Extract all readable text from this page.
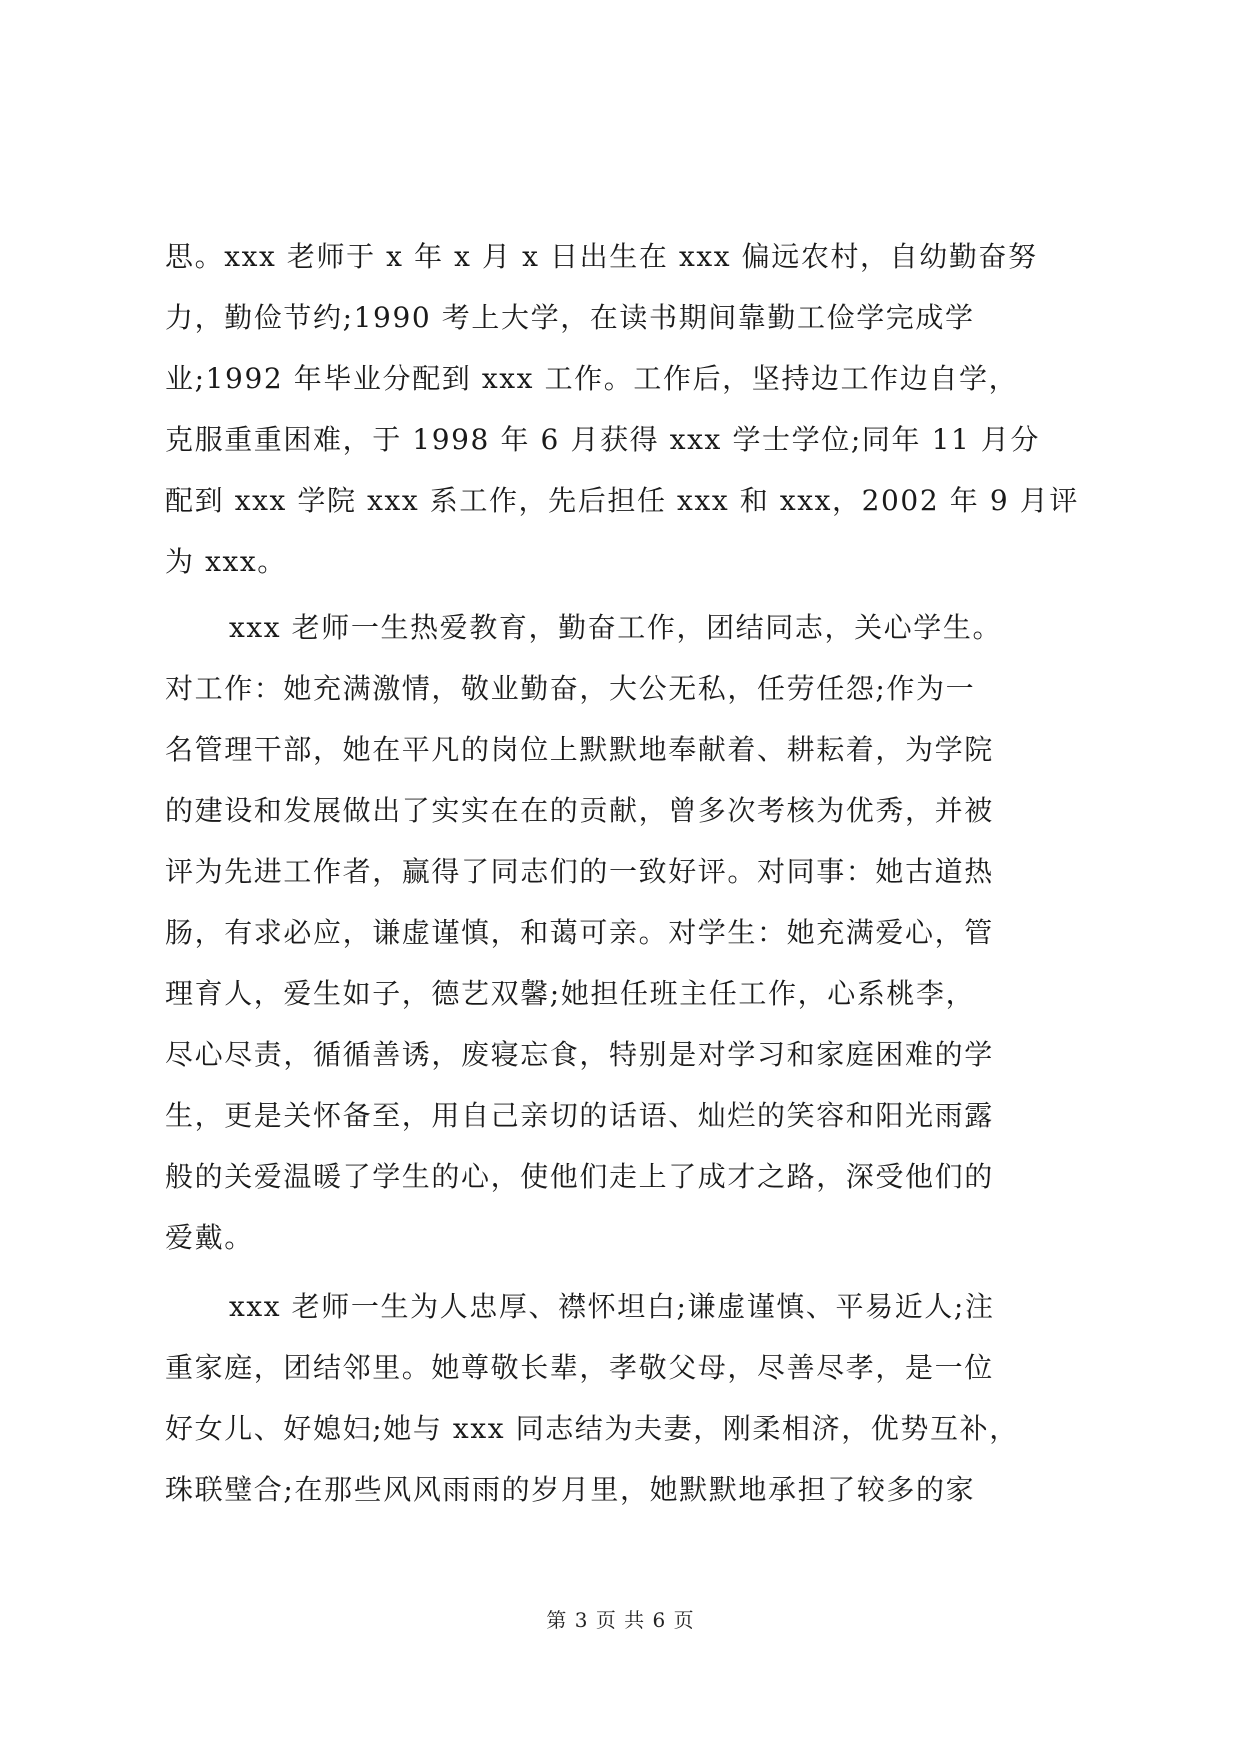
思。xxx 老师于 x 年 x 月 x 日出生在 xxx 偏远农村，自幼勤奋努
力，勤俭节约;1990 考上大学，在读书期间靠勤工俭学完成学
业;1992 年毕业分配到 xxx 工作。工作后，坚持边工作边自学，
克服重重困难，于 1998 年 6 月获得 xxx 学士学位;同年 11 月分
配到 xxx 学院 xxx 系工作，先后担任 xxx 和 xxx，2002 年 9 月评
为 xxx。
xxx 老师一生热爱教育，勤奋工作，团结同志，关心学生。
对工作：她充满激情，敬业勤奋，大公无私，任劳任怨;作为一
名管理干部，她在平凡的岗位上默默地奉献着、耕耘着，为学院
的建设和发展做出了实实在在的贡献，曾多次考核为优秀，并被
评为先进工作者，赢得了同志们的一致好评。对同事：她古道热
肠，有求必应，谦虚谨慎，和蔼可亲。对学生：她充满爱心，管
理育人，爱生如子，德艺双馨;她担任班主任工作，心系桃李，
尽心尽责，循循善诱，废寝忘食，特别是对学习和家庭困难的学
生，更是关怀备至，用自己亲切的话语、灿烂的笑容和阳光雨露
般的关爱温暖了学生的心，使他们走上了成才之路，深受他们的
爱戴。
xxx 老师一生为人忠厚、襟怀坦白;谦虚谨慎、平易近人;注
重家庭，团结邻里。她尊敬长辈，孝敬父母，尽善尽孝，是一位
好女儿、好媳妇;她与 xxx 同志结为夫妻，刚柔相济，优势互补，
珠联璧合;在那些风风雨雨的岁月里，她默默地承担了较多的家
第 3 页 共 6 页
